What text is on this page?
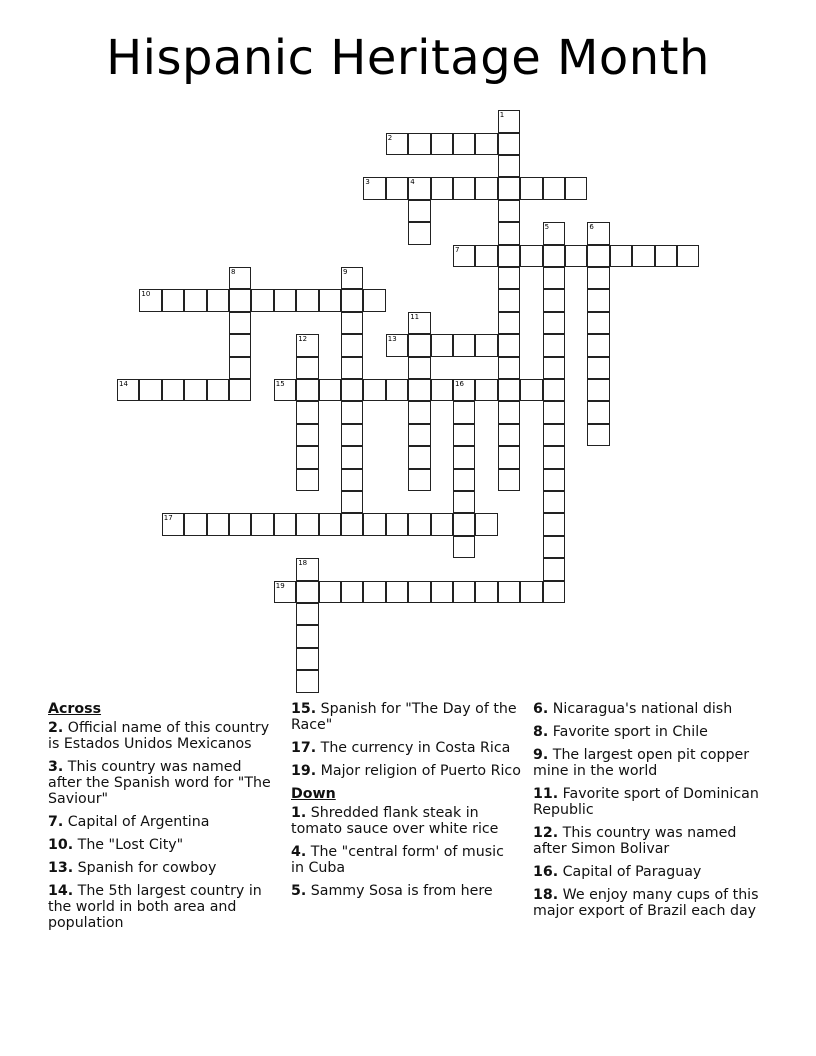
Hispanic Heritage Month
1
2
3	4
5	6
7
8	9
10
11
12	13
14	15	16
17
18
19
Across
2. Official name of this country is Estados Unidos Mexicanos
3. This country was named after the Spanish word for "The Saviour"
7. Capital of Argentina
10. The "Lost City"
13. Spanish for cowboy
14. The 5th largest country in the world in both area and population
15. Spanish for "The Day of the Race"
17. The currency in Costa Rica
19. Major religion of Puerto Rico
Down
1. Shredded flank steak in tomato sauce over white rice
4. The "central form' of music in Cuba
5. Sammy Sosa is from here
6. Nicaragua's national dish
8. Favorite sport in Chile
9. The largest open pit copper mine in the world
11. Favorite sport of Dominican Republic
12. This country was named after Simon Bolivar
16. Capital of Paraguay
18. We enjoy many cups of this major export of Brazil each day
